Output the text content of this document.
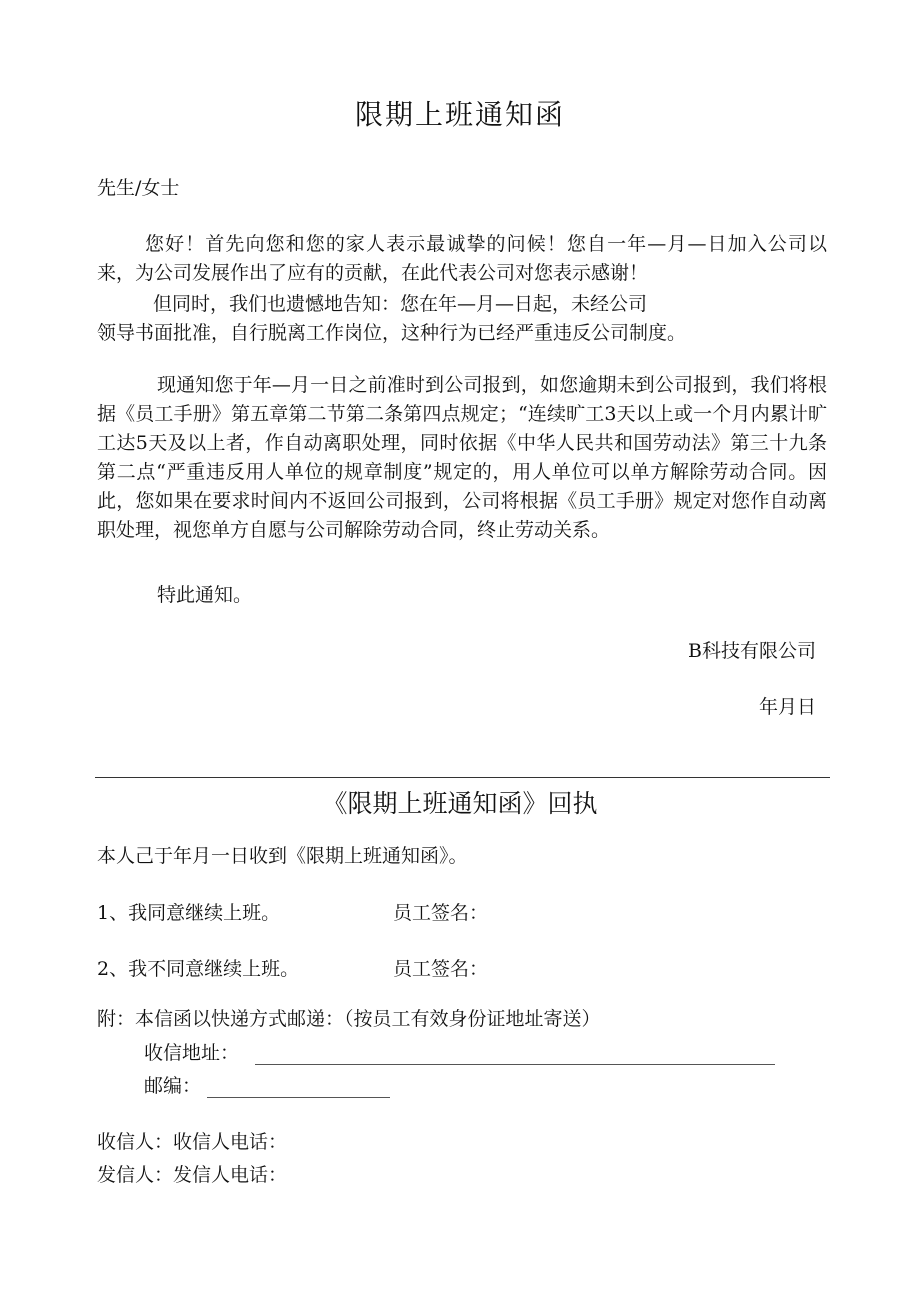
限期上班通知函
先生/女士
您好！首先向您和您的家人表示最诚挚的问候！您自一年—月—日加入公司以来，为公司发展作出了应有的贡献，在此代表公司对您表示感谢！
但同时，我们也遗憾地告知：您在年—月—日起，未经公司
领导书面批准，自行脱离工作岗位，这种行为已经严重违反公司制度。
现通知您于年—月一日之前准时到公司报到，如您逾期未到公司报到，我们将根据《员工手册》第五章第二节第二条第四点规定；“连续旷工3天以上或一个月内累计旷工达5天及以上者，作自动离职处理，同时依据《中华人民共和国劳动法》第三十九条第二点“严重违反用人单位的规章制度”规定的，用人单位可以单方解除劳动合同。因此，您如果在要求时间内不返回公司报到，公司将根据《员工手册》规定对您作自动离职处理，视您单方自愿与公司解除劳动合同，终止劳动关系。
特此通知。
B科技有限公司
年月日
《限期上班通知函》回执
本人己于年月一日收到《限期上班通知函》。
1、我同意继续上班。	员工签名：
2、我不同意继续上班。	员工签名：
附：本信函以快递方式邮递：（按员工有效身份证地址寄送）
收信地址：
邮编：
收信人：收信人电话：
发信人：发信人电话：
